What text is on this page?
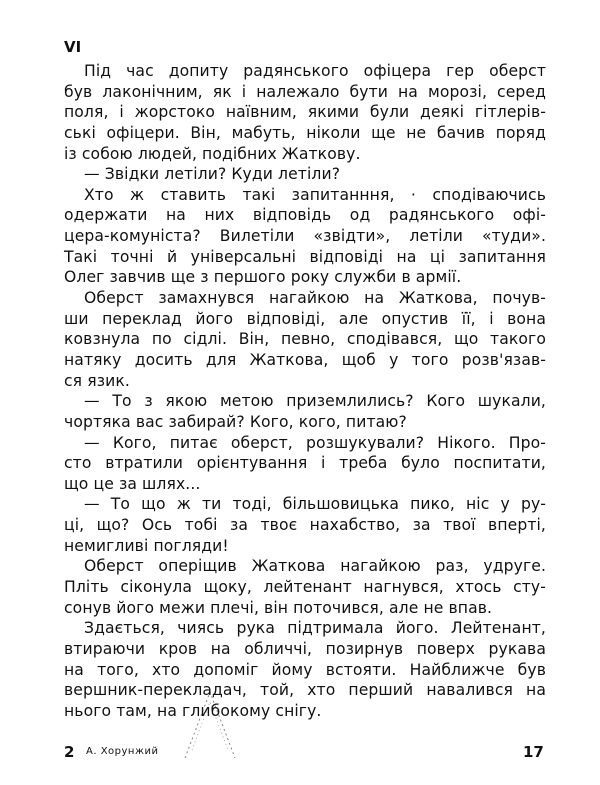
VI
Під час допиту радянського офіцера гер оберст
був лаконічним, як і належало бути на морозі, серед
поля, і жорстоко наївним, якими були деякі гітлерів-
ські офіцери. Він, мабуть, ніколи ще не бачив поряд
із собою людей, подібних Жаткову.
— Звідки летіли? Куди летіли?
Хто ж ставить такі запитанння, · сподіваючись
одержати на них відповідь од радянського офі-
цера-комуніста? Вилетіли «звідти», летіли «туди».
Такі точні й універсальні відповіді на ці запитання
Олег завчив ще з першого року служби в армії.
Оберст замахнувся нагайкою на Жаткова, почув-
ши переклад його відповіді, але опустив її, і вона
ковзнула по сідлі. Він, певно, сподівався, що такого
натяку досить для Жаткова, щоб у того розв'язав-
ся язик.
— То з якою метою приземлились? Кого шукали,
чортяка вас забирай? Кого, кого, питаю?
— Кого, питає оберст, розшукували? Нікого. Про-
сто втратили орієнтування і треба було поспитати,
що це за шлях...
— То що ж ти тоді, більшовицька пико, ніс у ру-
ці, що? Ось тобі за твоє нахабство, за твої вперті,
немигливі погляди!
Оберст оперіщив Жаткова нагайкою раз, удруге.
Пліть сіконула щоку, лейтенант нагнувся, хтось сту-
сонув його межи плечі, він поточився, але не впав.
Здається, чиясь рука підтримала його. Лейтенант,
втираючи кров на обличчі, позирнув поверх рукава
на того, хто допоміг йому встояти. Найближче був
вершник-перекладач, той, хто перший навалився на
нього там, на глибокому снігу.
2 А. Хорунжий	17
